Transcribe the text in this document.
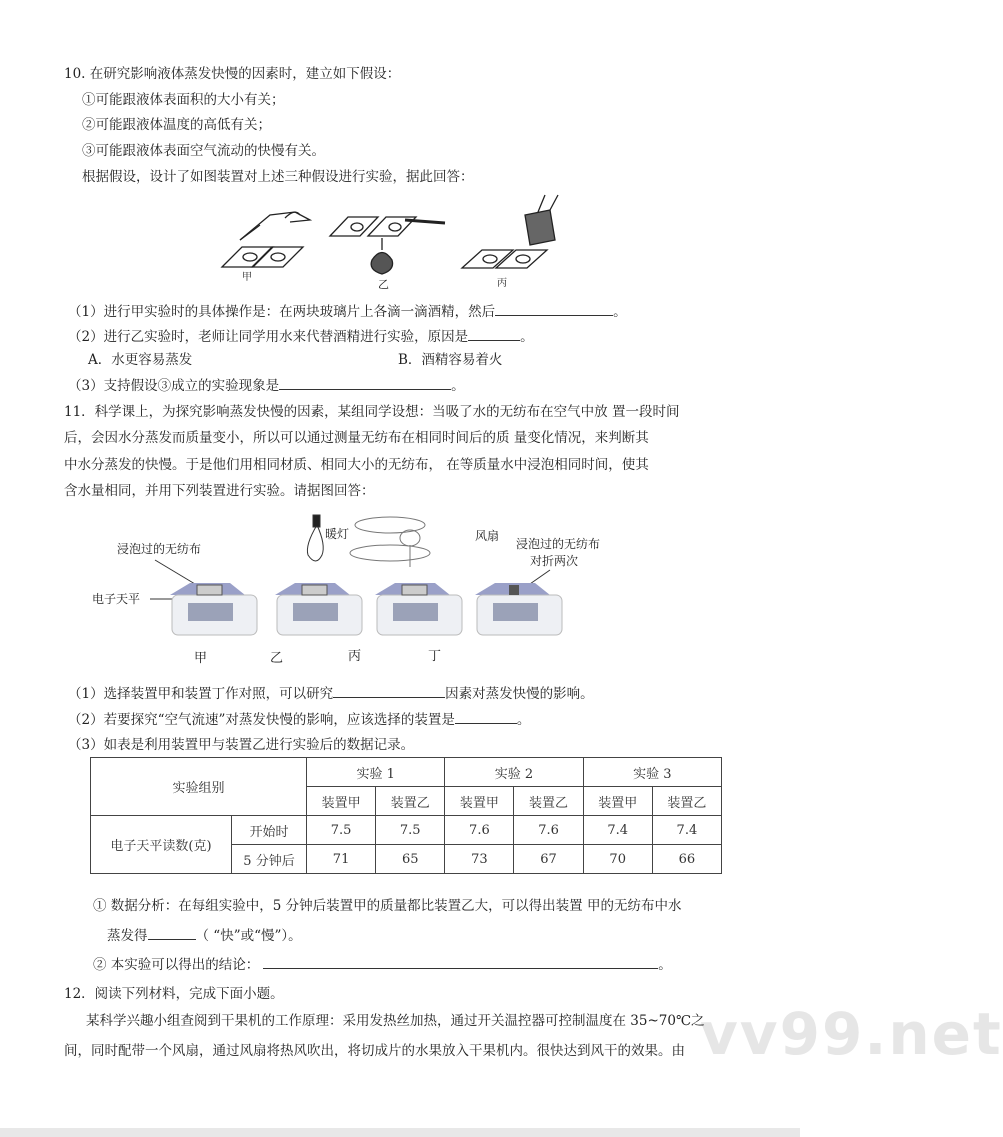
vv99.net
10. 在研究影响液体蒸发快慢的因素时，建立如下假设：
①可能跟液体表面积的大小有关；
②可能跟液体温度的高低有关；
③可能跟液体表面空气流动的快慢有关。
根据假设，设计了如图装置对上述三种假设进行实验，据此回答：
甲
乙	丙
（1）进行甲实验时的具体操作是：在两块玻璃片上各滴一滴酒精，然后	。
（2）进行乙实验时，老师让同学用水来代替酒精进行实验，原因是	。
A．水更容易蒸发	B．酒精容易着火
（3）支持假设③成立的实验现象是	。
11．科学课上，为探究影响蒸发快慢的因素，某组同学设想：当吸了水的无纺布在空气中放 置一段时间
后，会因水分蒸发而质量变小，所以可以通过测量无纺布在相同时间后的质 量变化情况，来判断其
中水分蒸发的快慢。于是他们用相同材质、相同大小的无纺布， 在等质量水中浸泡相同时间，使其
含水量相同，并用下列装置进行实验。请据图回答：
暖灯	风扇
浸泡过的无纺布	浸泡过的无纺布
对折两次
电子天平
甲	乙	丙	丁
（1）选择装置甲和装置丁作对照，可以研究	因素对蒸发快慢的影响。
（2）若要探究“空气流速”对蒸发快慢的影响，应该选择的装置是	。
（3）如表是利用装置甲与装置乙进行实验后的数据记录。
实验组别		实验 1		实验 2		实验 3	
		装置甲	装置乙	装置甲	装置乙	装置甲	装置乙
电子天平读数(克)	开始时	7.5	7.5	7.6	7.6	7.4	7.4
	5 分钟后	71	65	73	67	70	66
① 数据分析：在每组实验中，5 分钟后装置甲的质量都比装置乙大，可以得出装置 甲的无纺布中水
蒸发得	（ “快”或“慢”）。
② 本实验可以得出的结论：	。
12．阅读下列材料，完成下面小题。
某科学兴趣小组查阅到干果机的工作原理：采用发热丝加热，通过开关温控器可控制温度在 35~70℃之
间，同时配带一个风扇，通过风扇将热风吹出，将切成片的水果放入干果机内。很快达到风干的效果。由
